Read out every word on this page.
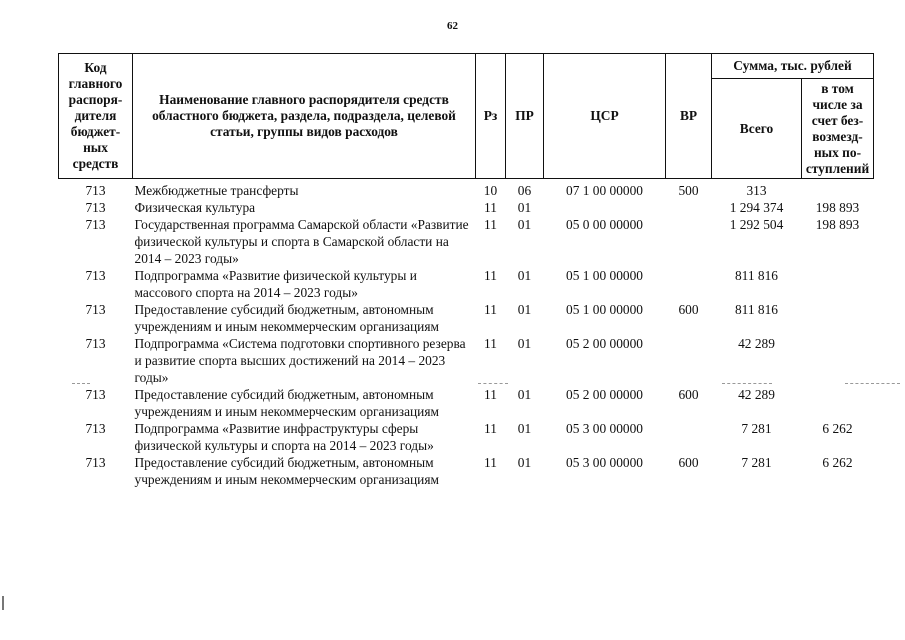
62
Код главного распоря-дителя бюджет-ных средств	Наименование главного распорядителя средств областного бюджета, раздела, подраздела, целевой статьи, группы видов расходов	Рз	ПР	ЦСР	ВР	Сумма, тыс. рублей	
						Всего	в том числе за счет без-возмезд-ных по-ступлений
713	Межбюджетные трансферты	10	06	07 1 00 00000	500	313	
713	Физическая культура	11	01			1 294 374	198 893
713	Государственная программа Самарской области «Развитие физической культуры и спорта в Самарской области на 2014 – 2023 годы»	11	01	05 0 00 00000		1 292 504	198 893
713	Подпрограмма «Развитие физической культуры и массового спорта на 2014 – 2023 годы»	11	01	05 1 00 00000		811 816	
713	Предоставление субсидий бюджетным, автономным учреждениям и иным некоммерческим организациям	11	01	05 1 00 00000	600	811 816	
713	Подпрограмма «Система подготовки спортивного резерва и развитие спорта высших достижений на 2014 – 2023 годы»	11	01	05 2 00 00000		42 289	
713	Предоставление субсидий бюджетным, автономным учреждениям и иным некоммерческим организациям	11	01	05 2 00 00000	600	42 289	
713	Подпрограмма «Развитие инфраструктуры сферы физической культуры и спорта на 2014 – 2023 годы»	11	01	05 3 00 00000		7 281	6 262
713	Предоставление субсидий бюджетным, автономным учреждениям и иным некоммерческим организациям	11	01	05 3 00 00000	600	7 281	6 262
